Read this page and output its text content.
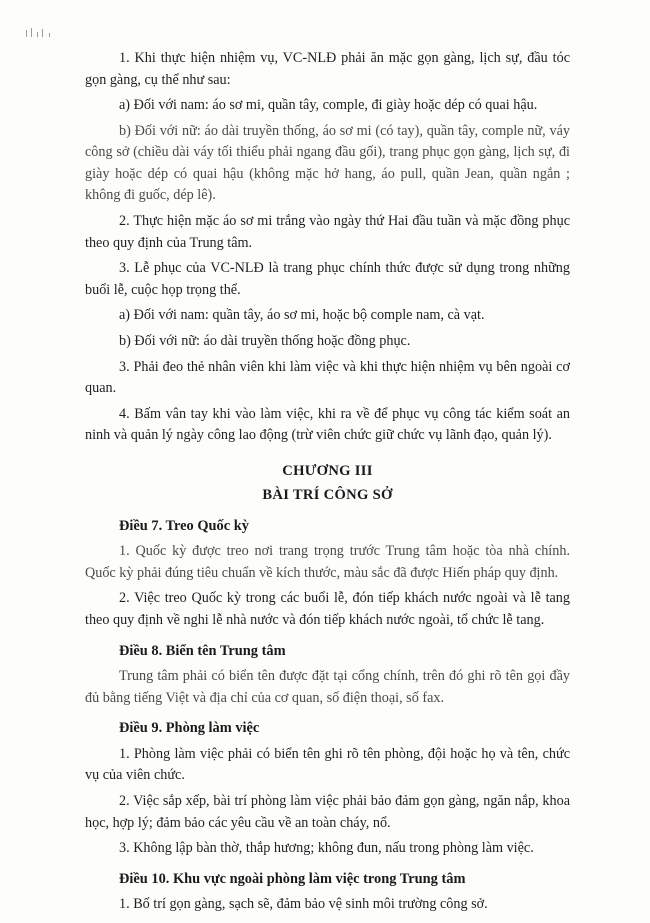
1. Khi thực hiện nhiệm vụ, VC-NLĐ phải ăn mặc gọn gàng, lịch sự, đầu tóc gọn gàng, cụ thể như sau:

a) Đối với nam: áo sơ mi, quần tây, comple, đi giày hoặc dép có quai hậu.

b) Đối với nữ: áo dài truyền thống, áo sơ mi (có tay), quần tây, comple nữ, váy công sở (chiều dài váy tối thiểu phải ngang đầu gối), trang phục gọn gàng, lịch sự, đi giày hoặc dép có quai hậu (không mặc hở hang, áo pull, quần Jean, quần ngắn ; không đi guốc, dép lê).

2. Thực hiện mặc áo sơ mi trắng vào ngày thứ Hai đầu tuần và mặc đồng phục theo quy định của Trung tâm.

3. Lễ phục của VC-NLĐ là trang phục chính thức được sử dụng trong những buổi lễ, cuộc họp trọng thể.

a) Đối với nam: quần tây, áo sơ mi, hoặc bộ comple nam, cà vạt.

b) Đối với nữ: áo dài truyền thống hoặc đồng phục.

3. Phải đeo thẻ nhân viên khi làm việc và khi thực hiện nhiệm vụ bên ngoài cơ quan.

4. Bấm vân tay khi vào làm việc, khi ra về để phục vụ công tác kiểm soát an ninh và quản lý ngày công lao động (trừ viên chức giữ chức vụ lãnh đạo, quản lý).

CHƯƠNG III
BÀI TRÍ CÔNG SỞ
Điều 7. Treo Quốc kỳ

1. Quốc kỳ được treo nơi trang trọng trước Trung tâm hoặc tòa nhà chính. Quốc kỳ phải đúng tiêu chuẩn về kích thước, màu sắc đã được Hiến pháp quy định.

2. Việc treo Quốc kỳ trong các buổi lễ, đón tiếp khách nước ngoài và lễ tang theo quy định về nghi lễ nhà nước và đón tiếp khách nước ngoài, tổ chức lễ tang.

Điều 8. Biển tên Trung tâm

Trung tâm phải có biển tên được đặt tại cổng chính, trên đó ghi rõ tên gọi đầy đủ bằng tiếng Việt và địa chỉ của cơ quan, số điện thoại, số fax.

Điều 9. Phòng làm việc

1. Phòng làm việc phải có biển tên ghi rõ tên phòng, đội hoặc họ và tên, chức vụ của viên chức.

2. Việc sắp xếp, bài trí phòng làm việc phải bảo đảm gọn gàng, ngăn nắp, khoa học, hợp lý; đảm bảo các yêu cầu về an toàn cháy, nổ.

3. Không lập bàn thờ, thắp hương; không đun, nấu trong phòng làm việc.

Điều 10. Khu vực ngoài phòng làm việc trong Trung tâm

1. Bố trí gọn gàng, sạch sẽ, đảm bảo vệ sinh môi trường công sở.
